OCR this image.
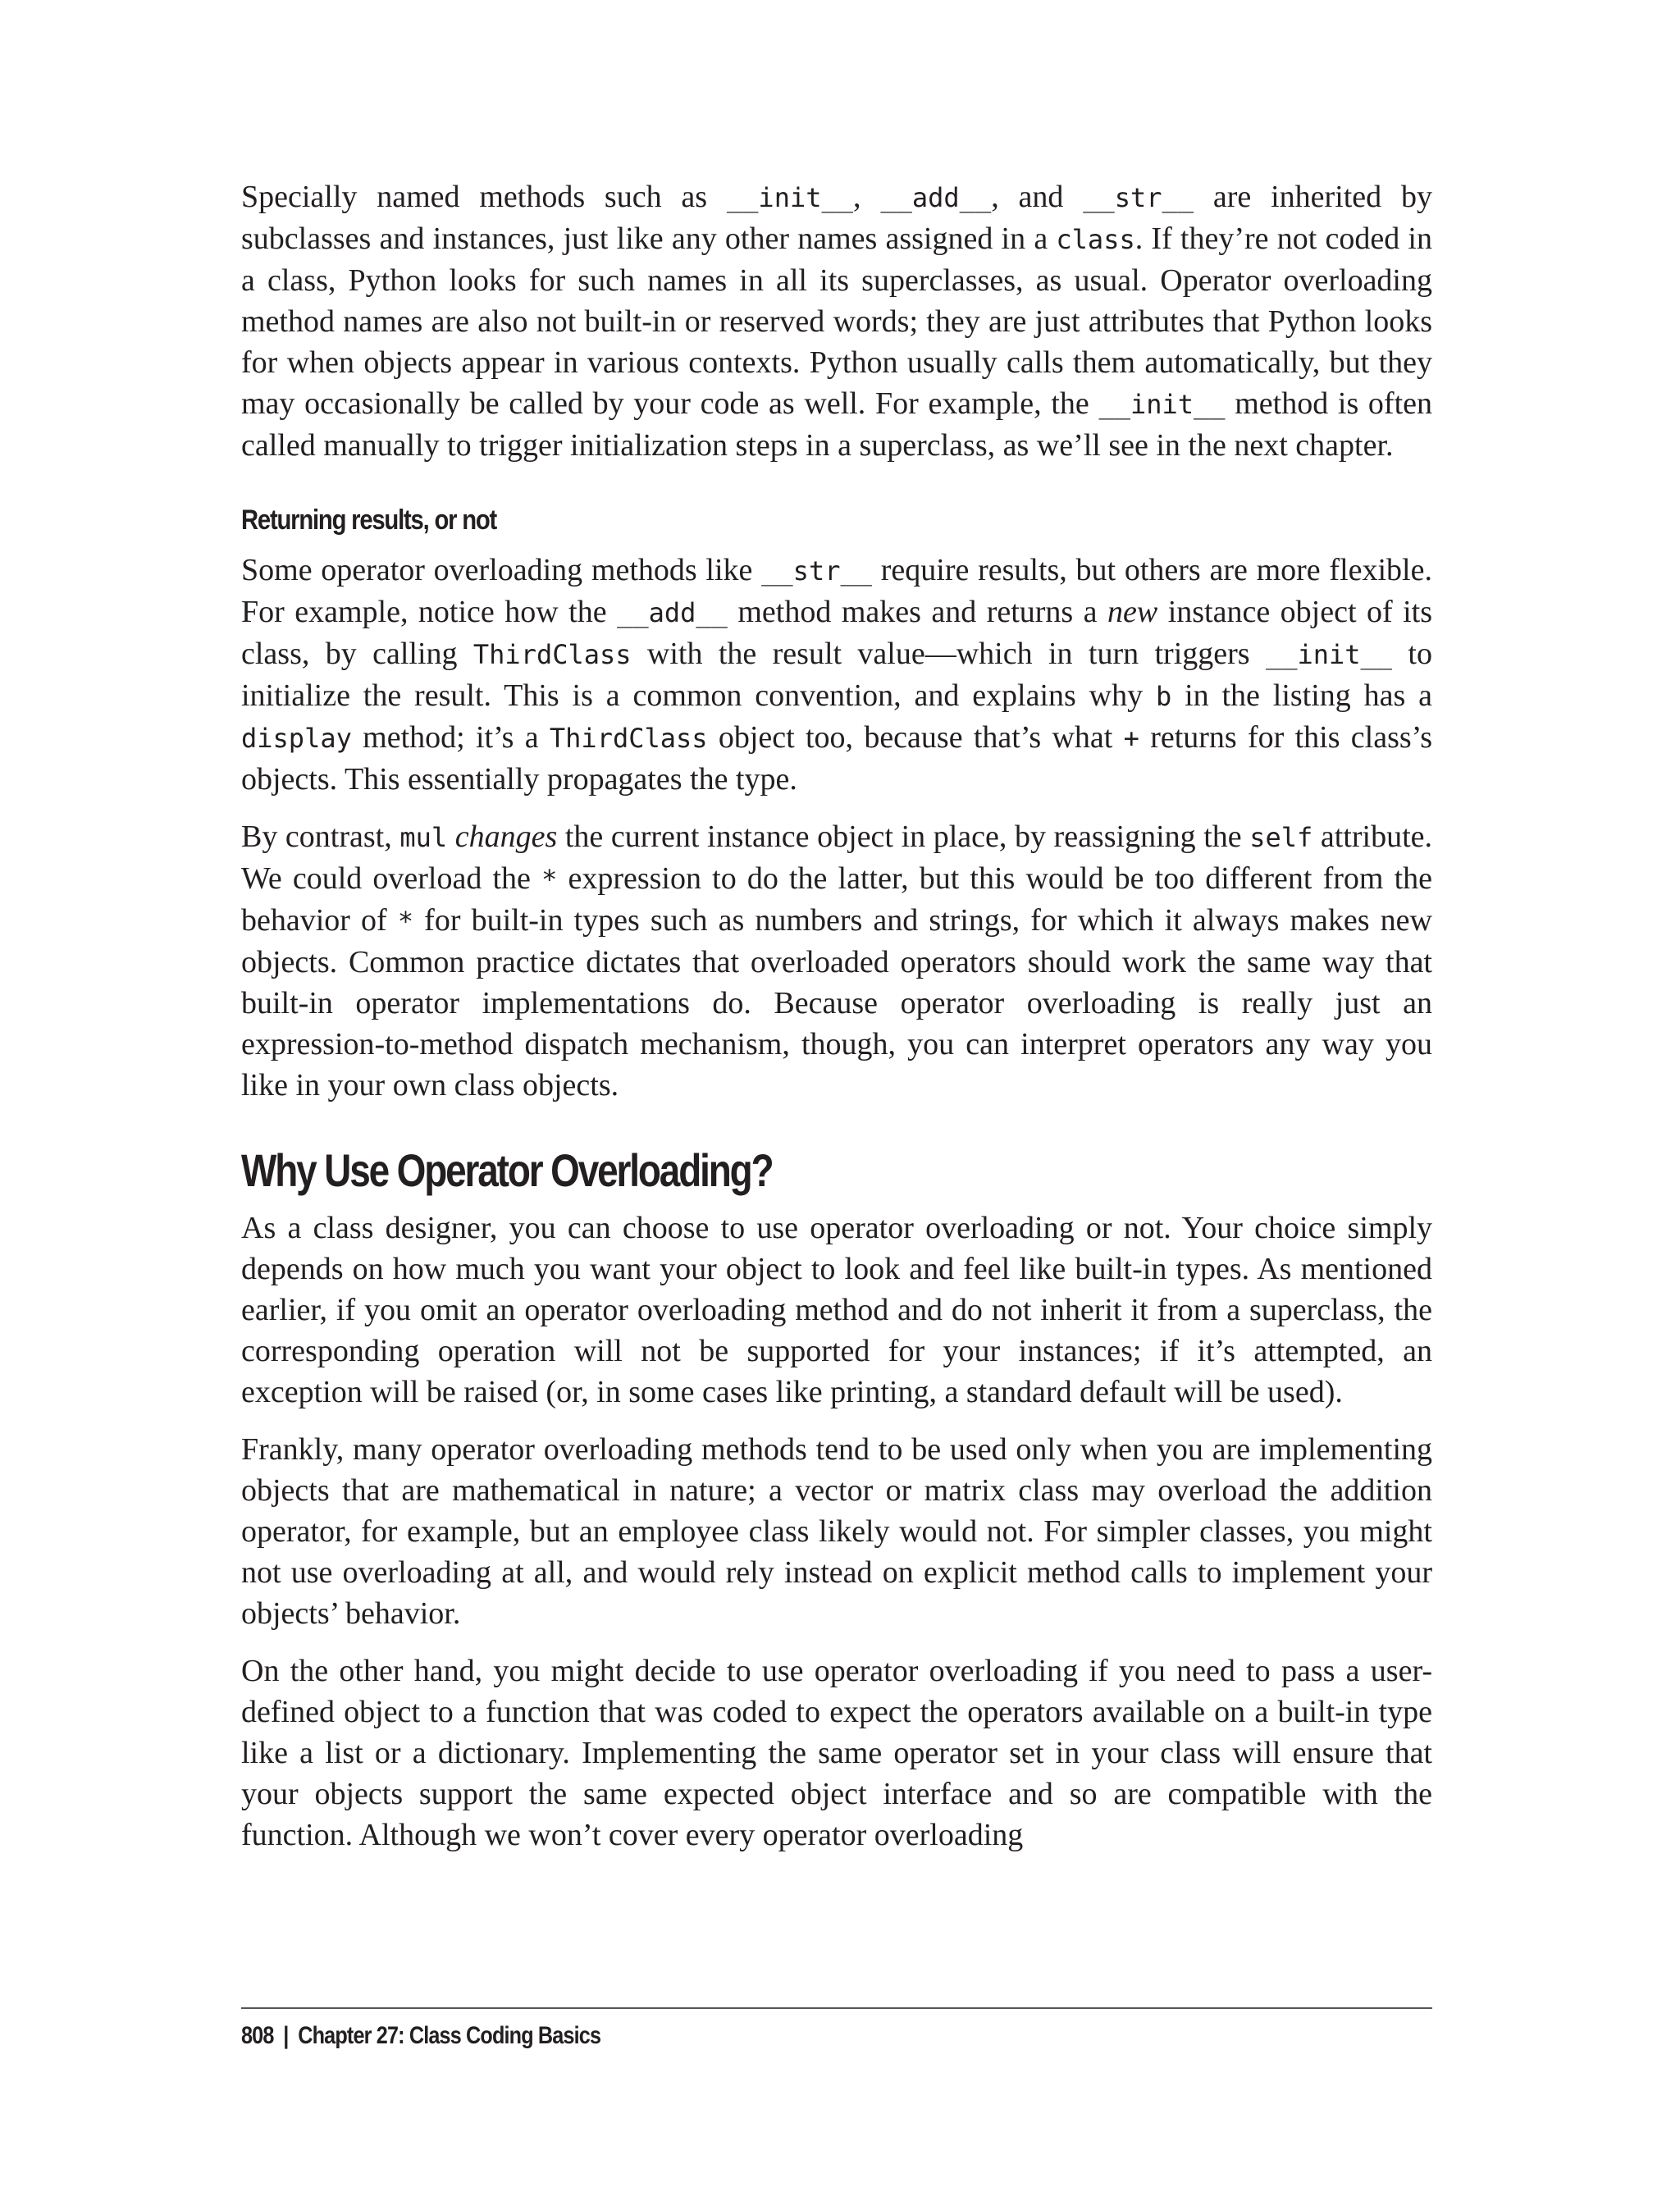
Specially named methods such as __init__, __add__, and __str__ are inherited by subclasses and instances, just like any other names assigned in a class. If they’re not coded in a class, Python looks for such names in all its superclasses, as usual. Operator overloading method names are also not built-in or reserved words; they are just attributes that Python looks for when objects appear in various contexts. Python usually calls them automatically, but they may occasionally be called by your code as well. For example, the __init__ method is often called manually to trigger initialization steps in a superclass, as we’ll see in the next chapter.

Returning results, or not

Some operator overloading methods like __str__ require results, but others are more flexible. For example, notice how the __add__ method makes and returns a new instance object of its class, by calling ThirdClass with the result value—which in turn triggers __init__ to initialize the result. This is a common convention, and explains why b in the listing has a display method; it’s a ThirdClass object too, because that’s what + returns for this class’s objects. This essentially propagates the type.

By contrast, mul changes the current instance object in place, by reassigning the self attribute. We could overload the * expression to do the latter, but this would be too different from the behavior of * for built-in types such as numbers and strings, for which it always makes new objects. Common practice dictates that overloaded operators should work the same way that built-in operator implementations do. Because operator overloading is really just an expression-to-method dispatch mechanism, though, you can interpret operators any way you like in your own class objects.

Why Use Operator Overloading?

As a class designer, you can choose to use operator overloading or not. Your choice simply depends on how much you want your object to look and feel like built-in types. As mentioned earlier, if you omit an operator overloading method and do not inherit it from a superclass, the corresponding operation will not be supported for your instances; if it’s attempted, an exception will be raised (or, in some cases like printing, a standard default will be used).

Frankly, many operator overloading methods tend to be used only when you are implementing objects that are mathematical in nature; a vector or matrix class may overload the addition operator, for example, but an employee class likely would not. For simpler classes, you might not use overloading at all, and would rely instead on explicit method calls to implement your objects’ behavior.

On the other hand, you might decide to use operator overloading if you need to pass a user-defined object to a function that was coded to expect the operators available on a built-in type like a list or a dictionary. Implementing the same operator set in your class will ensure that your objects support the same expected object interface and so are compatible with the function. Although we won’t cover every operator overloading

808 | Chapter 27: Class Coding Basics
